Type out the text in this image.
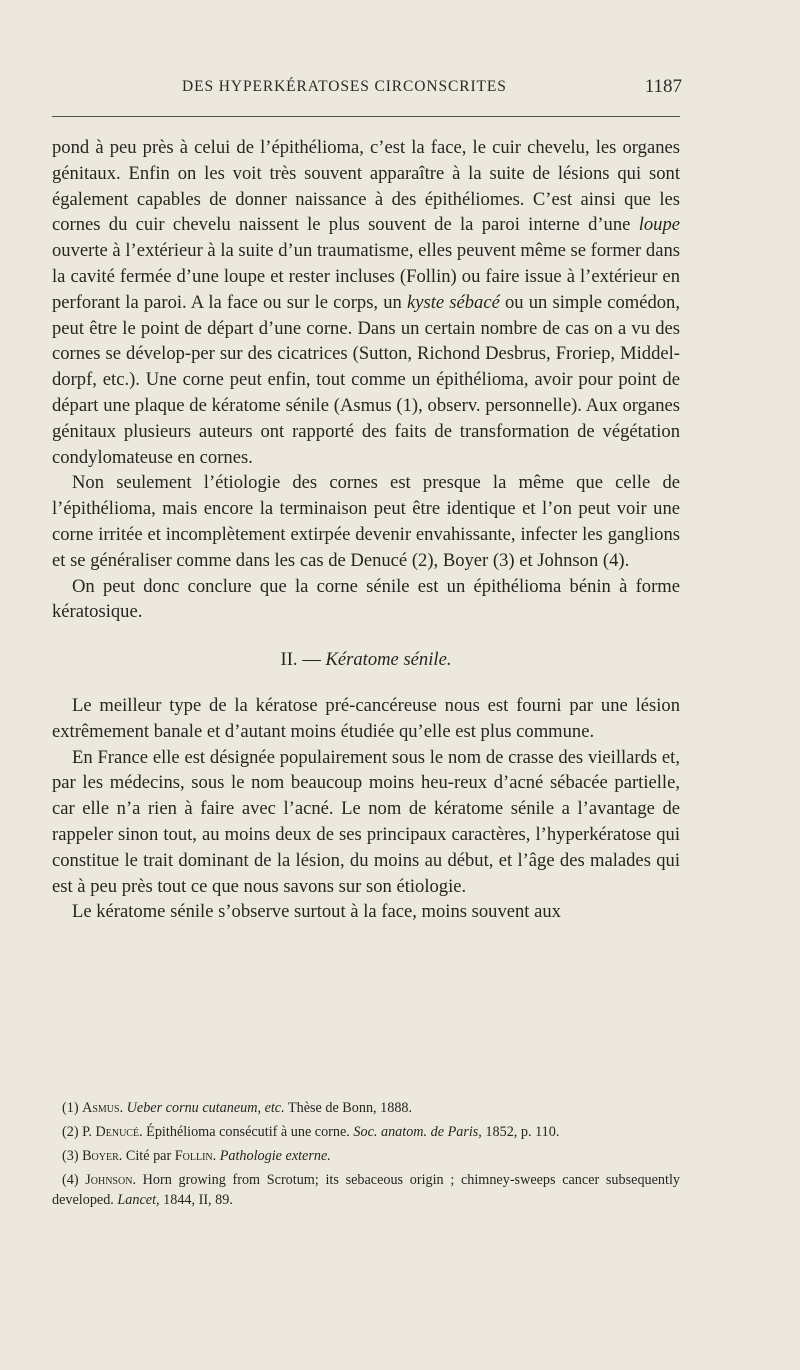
DES HYPERKÉRATOSES CIRCONSCRITES	1187

pond à peu près à celui de l’épithélioma, c’est la face, le cuir chevelu, les organes génitaux. Enfin on les voit très souvent apparaître à la suite de lésions qui sont également capables de donner naissance à des épithéliomes. C’est ainsi que les cornes du cuir chevelu naissent le plus souvent de la paroi interne d’une loupe ouverte à l’extérieur à la suite d’un traumatisme, elles peuvent même se former dans la cavité fermée d’une loupe et rester incluses (Follin) ou faire issue à l’extérieur en perforant la paroi. A la face ou sur le corps, un kyste sébacé ou un simple comédon, peut être le point de départ d’une corne. Dans un certain nombre de cas on a vu des cornes se dévelop-per sur des cicatrices (Sutton, Richond Desbrus, Froriep, Middel-dorpf, etc.). Une corne peut enfin, tout comme un épithélioma, avoir pour point de départ une plaque de kératome sénile (Asmus (1), observ. personnelle). Aux organes génitaux plusieurs auteurs ont rapporté des faits de transformation de végétation condylomateuse en cornes.

Non seulement l’étiologie des cornes est presque la même que celle de l’épithélioma, mais encore la terminaison peut être identique et l’on peut voir une corne irritée et incomplètement extirpée devenir envahissante, infecter les ganglions et se généraliser comme dans les cas de Denucé (2), Boyer (3) et Johnson (4).

On peut donc conclure que la corne sénile est un épithélioma bénin à forme kératosique.

II. — Kératome sénile.

Le meilleur type de la kératose pré-cancéreuse nous est fourni par une lésion extrêmement banale et d’autant moins étudiée qu’elle est plus commune.

En France elle est désignée populairement sous le nom de crasse des vieillards et, par les médecins, sous le nom beaucoup moins heu-reux d’acné sébacée partielle, car elle n’a rien à faire avec l’acné. Le nom de kératome sénile a l’avantage de rappeler sinon tout, au moins deux de ses principaux caractères, l’hyperkératose qui constitue le trait dominant de la lésion, du moins au début, et l’âge des malades qui est à peu près tout ce que nous savons sur son étiologie.

Le kératome sénile s’observe surtout à la face, moins souvent aux

(1) Asmus. Ueber cornu cutaneum, etc. Thèse de Bonn, 1888.

(2) P. Denucé. Épithélioma consécutif à une corne. Soc. anatom. de Paris, 1852, p. 110.

(3) Boyer. Cité par Follin. Pathologie externe.

(4) Johnson. Horn growing from Scrotum; its sebaceous origin ; chimney-sweeps cancer subsequently developed. Lancet, 1844, II, 89.
